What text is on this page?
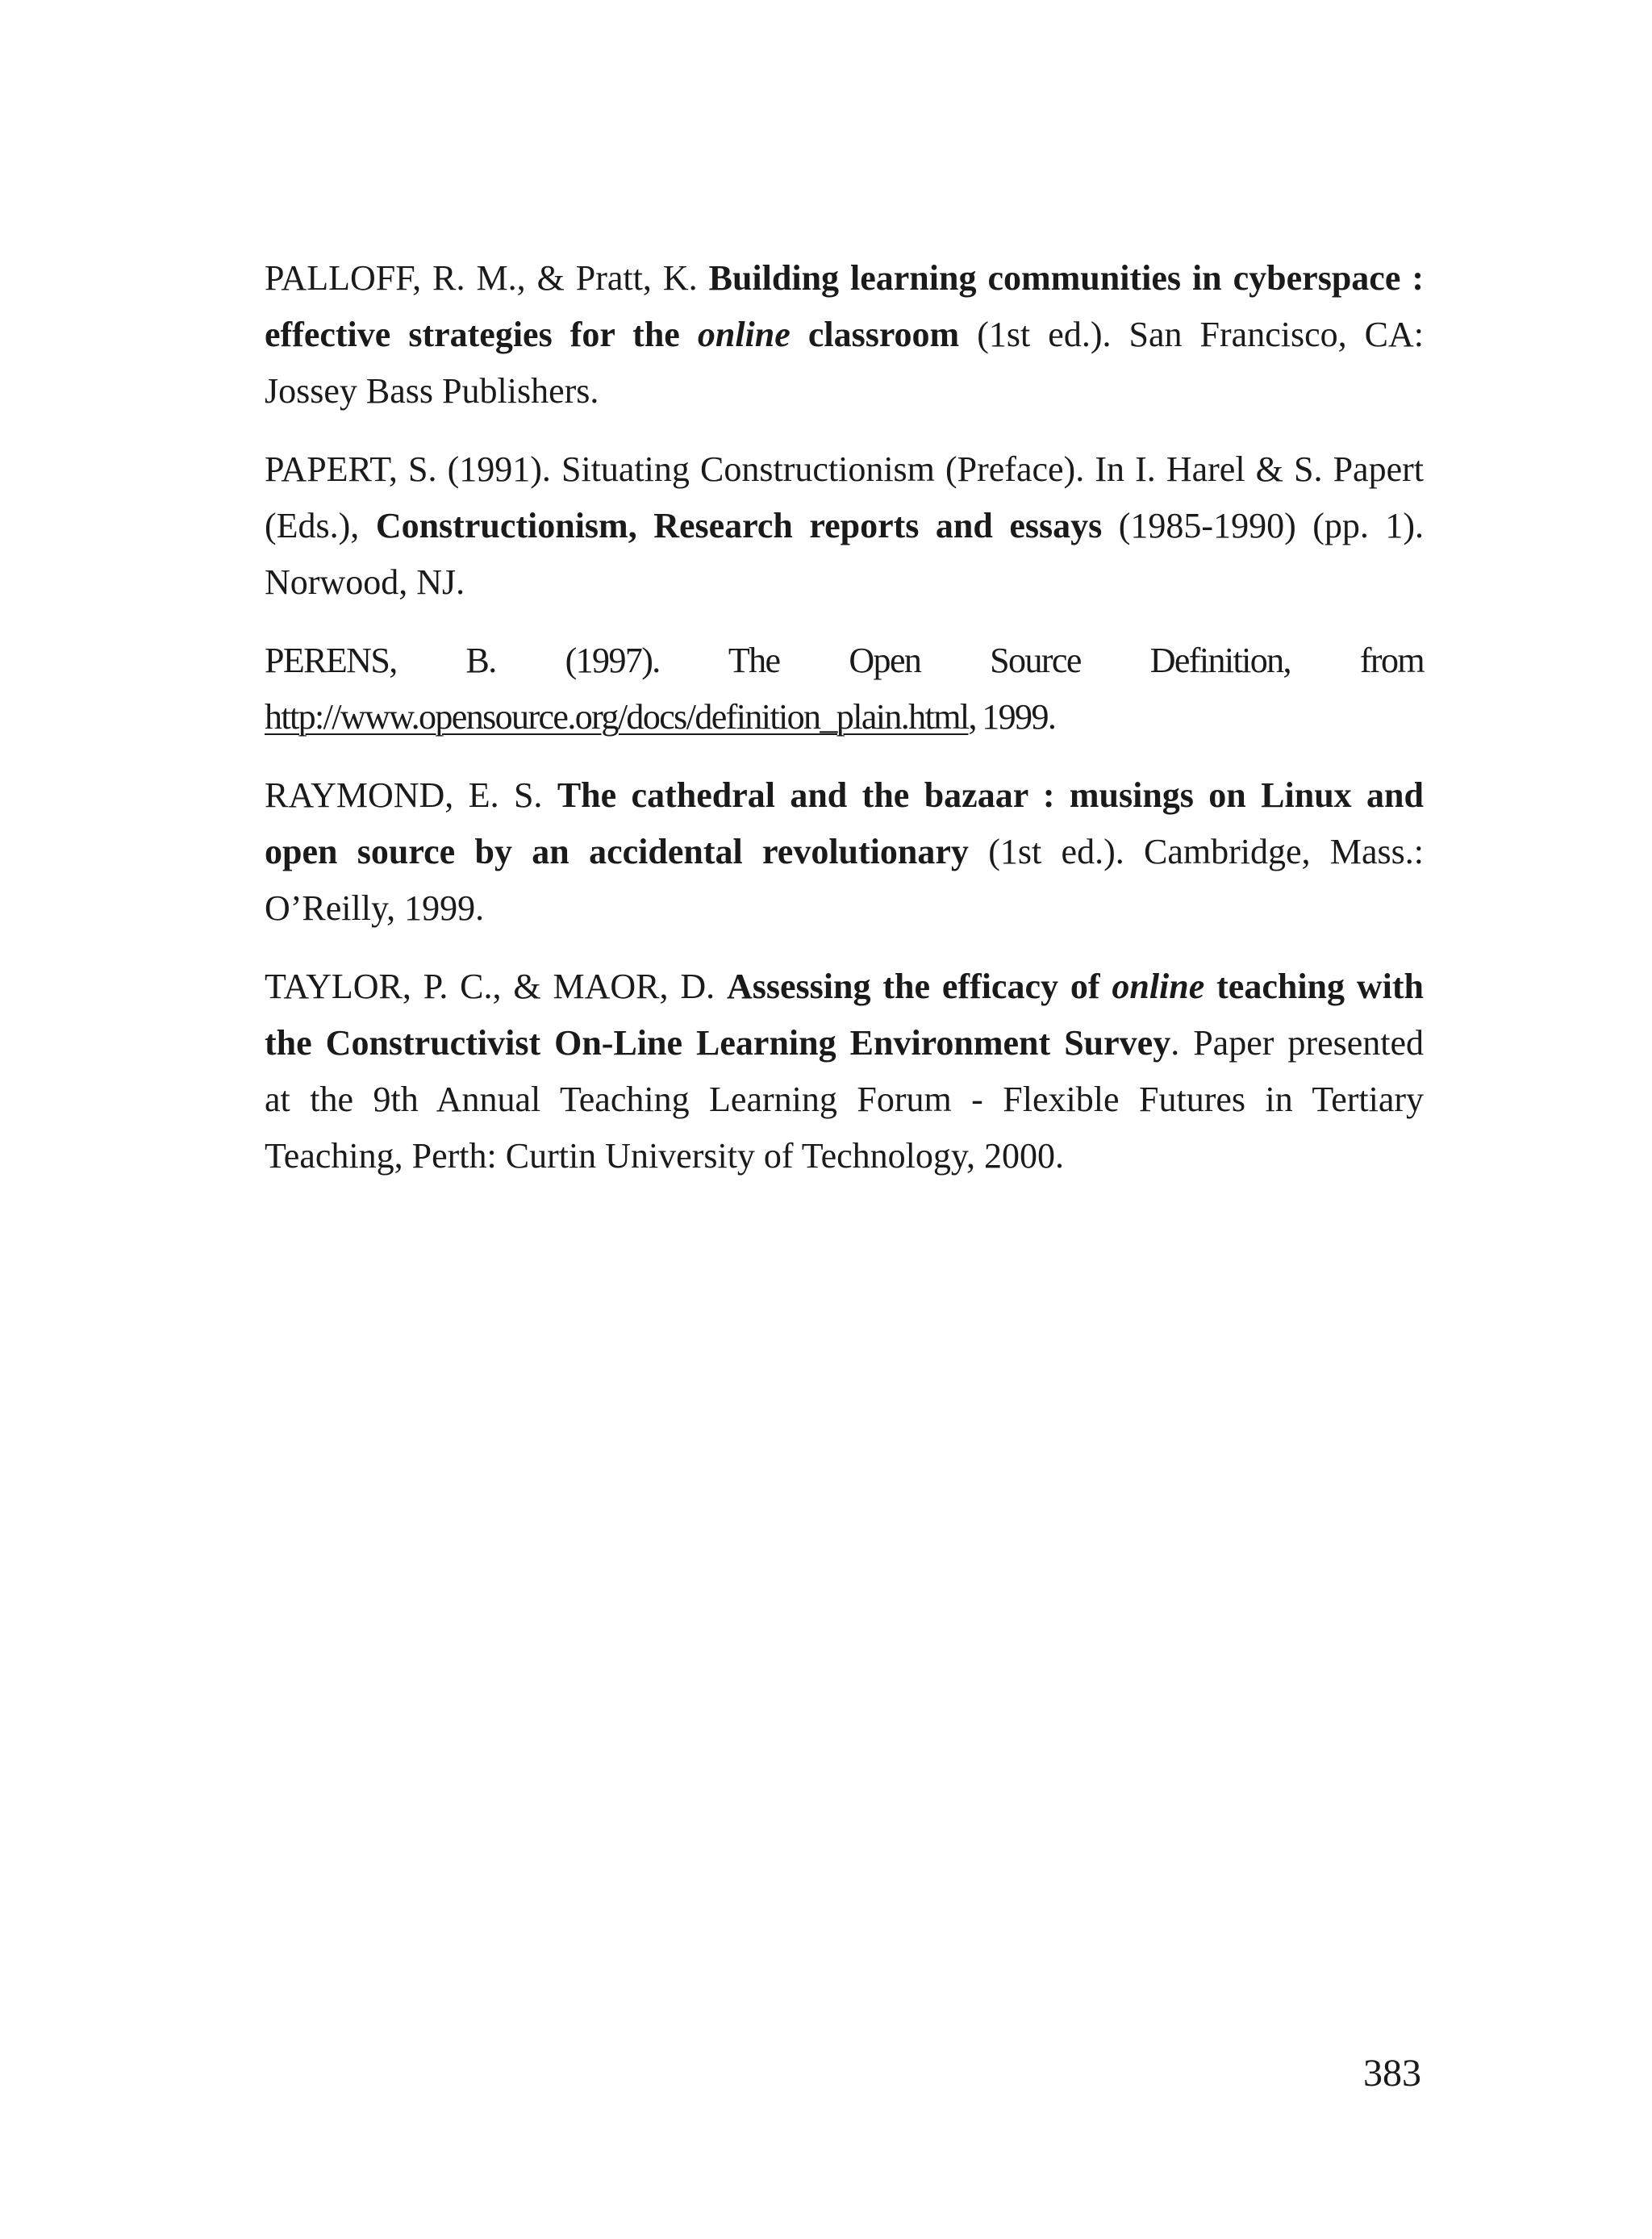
PALLOFF, R. M., & Pratt, K. Building learning communities in cyberspace : effective strategies for the online classroom (1st ed.). San Francisco, CA: Jossey Bass Publishers.

PAPERT, S. (1991). Situating Constructionism (Preface). In I. Harel & S. Papert (Eds.), Constructionism, Research reports and essays (1985-1990) (pp. 1). Norwood, NJ.

PERENS, B. (1997). The Open Source Definition, from http://www.opensource.org/docs/definition_plain.html, 1999.

RAYMOND, E. S. The cathedral and the bazaar : musings on Linux and open source by an accidental revolutionary (1st ed.). Cambridge, Mass.: O’Reilly, 1999.

TAYLOR, P. C., & MAOR, D. Assessing the efficacy of online teaching with the Constructivist On-Line Learning Environment Survey. Paper presented at the 9th Annual Teaching Learning Forum - Flexible Futures in Tertiary Teaching, Perth: Curtin University of Technology, 2000.

383
